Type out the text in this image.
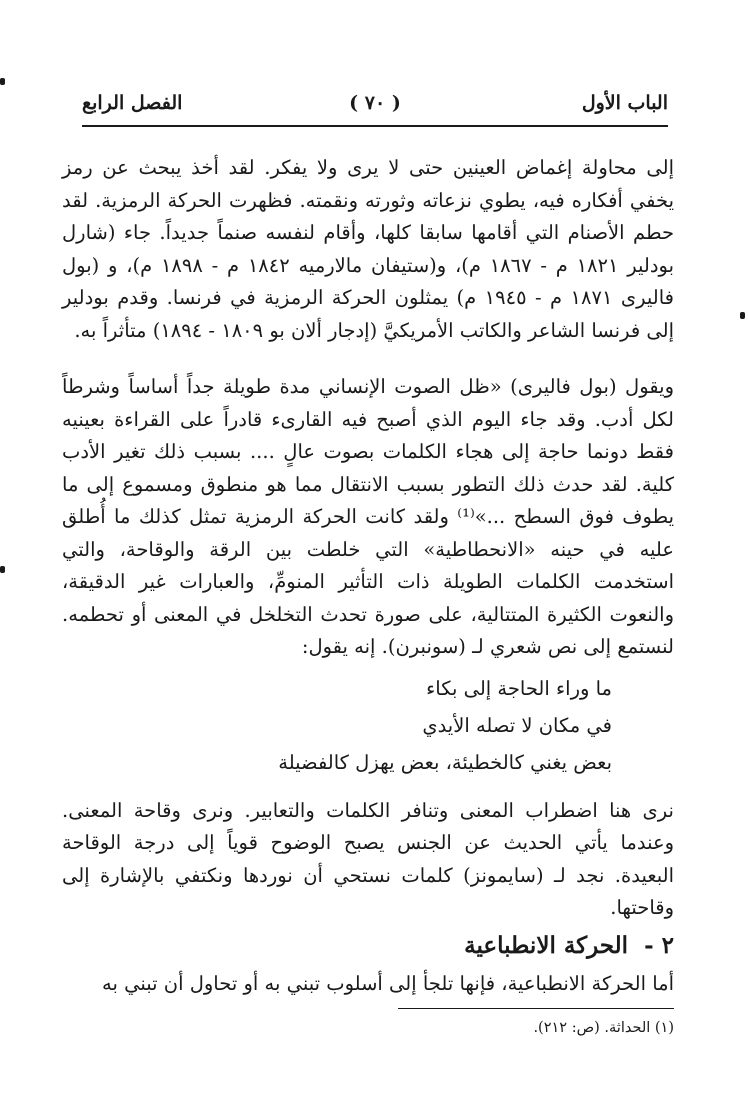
الباب الأول
( ٧٠ )
الفصل الرابع

إلى محاولة إغماض العينين حتى لا يرى ولا يفكر. لقد أخذ يبحث عن رمز يخفي أفكاره فيه، يطوي نزعاته وثورته ونقمته. فظهرت الحركة الرمزية. لقد حطم الأصنام التي أقامها سابقا كلها، وأقام لنفسه صنماً جديداً. جاء (شارل بودلير ١٨٢١ م - ١٨٦٧ م)، و(ستيفان مالارميه ١٨٤٢ م - ١٨٩٨ م)، و (بول فاليرى ١٨٧١ م - ١٩٤٥ م) يمثلون الحركة الرمزية في فرنسا. وقدم بودلير إلى فرنسا الشاعر والكاتب الأمريكيَّ (إدجار ألان بو ١٨٠٩ - ١٨٩٤) متأثراً به.

ويقول (بول فاليرى) «ظل الصوت الإنساني مدة طويلة جداً أساساً وشرطاً لكل أدب. وقد جاء اليوم الذي أصبح فيه القارىء قادراً على القراءة بعينيه فقط دونما حاجة إلى هجاء الكلمات بصوت عالٍ .... بسبب ذلك تغير الأدب كلية. لقد حدث ذلك التطور بسبب الانتقال مما هو منطوق ومسموع إلى ما يطوف فوق السطح ...»⁽¹⁾ ولقد كانت الحركة الرمزية تمثل كذلك ما أُطلق عليه في حينه «الانحطاطية» التي خلطت بين الرقة والوقاحة، والتي استخدمت الكلمات الطويلة ذات التأثير المنومِّ، والعبارات غير الدقيقة، والنعوت الكثيرة المتتالية، على صورة تحدث التخلخل في المعنى أو تحطمه. لنستمع إلى نص شعري لـ (سونبرن). إنه يقول:

ما وراء الحاجة إلى بكاء
في مكان لا تصله الأيدي
بعض يغني كالخطيئة، بعض يهزل كالفضيلة

نرى هنا اضطراب المعنى وتنافر الكلمات والتعابير. ونرى وقاحة المعنى. وعندما يأتي الحديث عن الجنس يصبح الوضوح قوياً إلى درجة الوقاحة البعيدة. نجد لـ (سايمونز) كلمات نستحي أن نوردها ونكتفي بالإشارة إلى وقاحتها.

٢ - الحركة الانطباعية
أما الحركة الانطباعية، فإنها تلجأ إلى أسلوب تبني به أو تحاول أن تبني به
(١) الحداثة. (ص: ٢١٢).
